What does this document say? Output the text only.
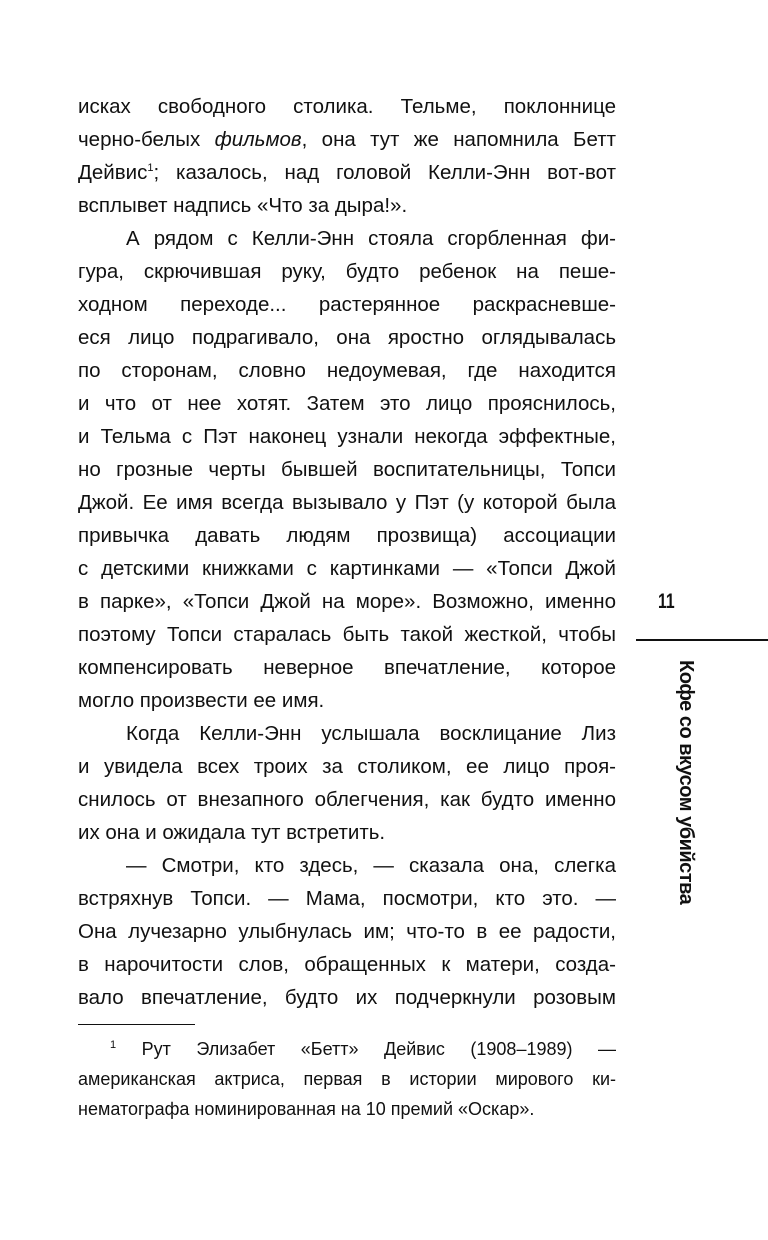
исках свободного столика. Тельме, поклоннице
черно-белых фильмов, она тут же напомнила Бетт
Дейвис$^1$; казалось, над головой Келли-Энн вот-вот
всплывет надпись «Что за дыра!».
А рядом с Келли-Энн стояла сгорбленная фи-
гура, скрючившая руку, будто ребенок на пеше-
ходном переходе... растерянное раскрасневше-
еся лицо подрагивало, она яростно оглядывалась
по сторонам, словно недоумевая, где находится
и что от нее хотят. Затем это лицо прояснилось,
и Тельма с Пэт наконец узнали некогда эффектные,
но грозные черты бывшей воспитательницы, Топси
Джой. Ее имя всегда вызывало у Пэт (у которой была
привычка давать людям прозвища) ассоциации
с детскими книжками с картинками — «Топси Джой
в парке», «Топси Джой на море». Возможно, именно
поэтому Топси старалась быть такой жесткой, чтобы
компенсировать неверное впечатление, которое
могло произвести ее имя.
Когда Келли-Энн услышала восклицание Лиз
и увидела всех троих за столиком, ее лицо проя-
снилось от внезапного облегчения, как будто именно
их она и ожидала тут встретить.
— Смотри, кто здесь, — сказала она, слегка
встряхнув Топси. — Мама, посмотри, кто это. —
Она лучезарно улыбнулась им; что-то в ее радости,
в нарочитости слов, обращенных к матери, созда-
вало впечатление, будто их подчеркнули розовым
$^1$ Рут Элизабет «Бетт» Дейвис (1908–1989) —
американская актриса, первая в истории мирового ки-
нематографа номинированная на 10 премий «Оскар».
11
Кофе со вкусом убийства
